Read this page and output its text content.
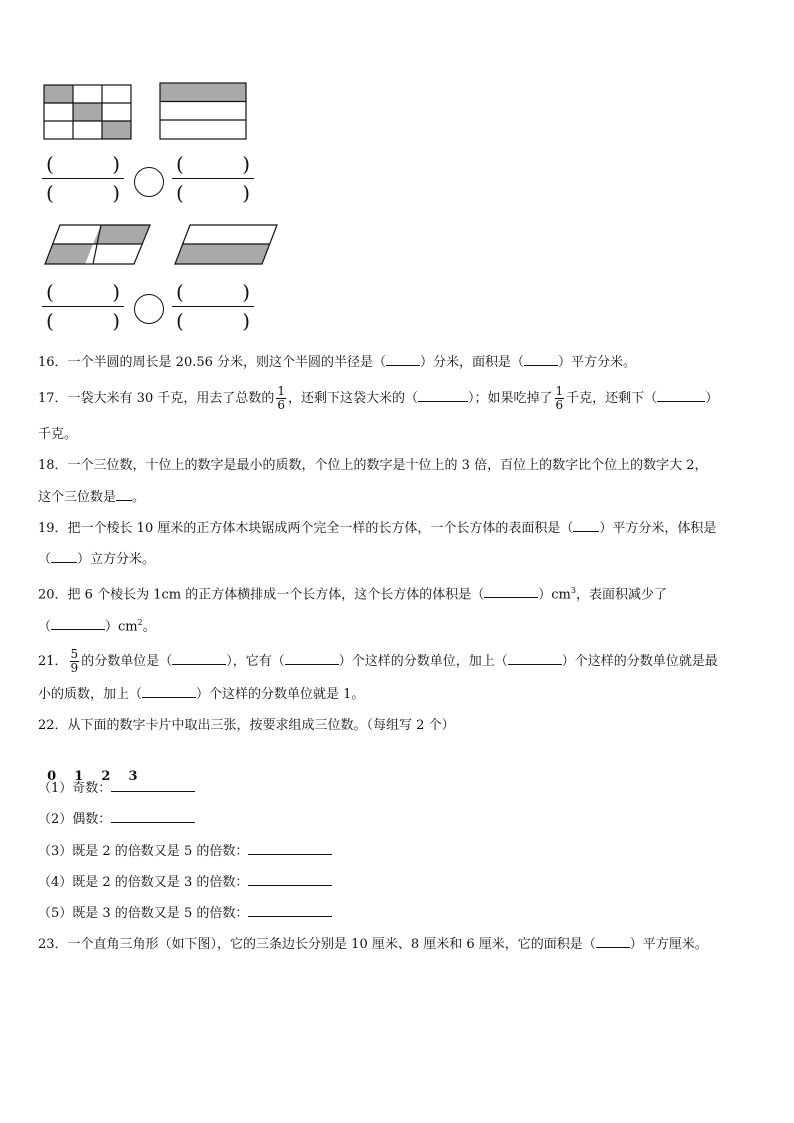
(	)
(	)
(	)
(	)
(	)
(	)
(	)
(	)
16．一个半圆的周长是 20.56 分米，则这个半圆的半径是（	）分米，面积是（	）平方分米。
17．一袋大米有 30 千克，用去了总数的 $\frac{1}{6}$ ，还剩下这袋大米的（	）；如果吃掉了 $\frac{1}{6}$ 千克，还剩下（	）
千克。
18．一个三位数，十位上的数字是最小的质数，个位上的数字是十位上的 3 倍，百位上的数字比个位上的数字大 2，
这个三位数是 。
19．把一个棱长 10 厘米的正方体木块锯成两个完全一样的长方体，一个长方体的表面积是（ ）平方分米，体积是
（ ）立方分米。
20．把 6 个棱长为 1cm 的正方体横排成一个长方体，这个长方体的体积是（	）$cm^3$，表面积减少了
（	）$cm^2$。
21． $\frac{5}{9}$ 的分数单位是（	），它有（	）个这样的分数单位，加上（	）个这样的分数单位就是最
小的质数，加上（	）个这样的分数单位就是 1。
22．从下面的数字卡片中取出三张，按要求组成三位数。（每组写 2 个）

0    1    2    3

（1）奇数：
（2）偶数：
（3）既是 2 的倍数又是 5 的倍数：
（4）既是 2 的倍数又是 3 的倍数：
（5）既是 3 的倍数又是 5 的倍数：
23．一个直角三角形（如下图），它的三条边长分别是 10 厘米、8 厘米和 6 厘米，它的面积是（	）平方厘米。
